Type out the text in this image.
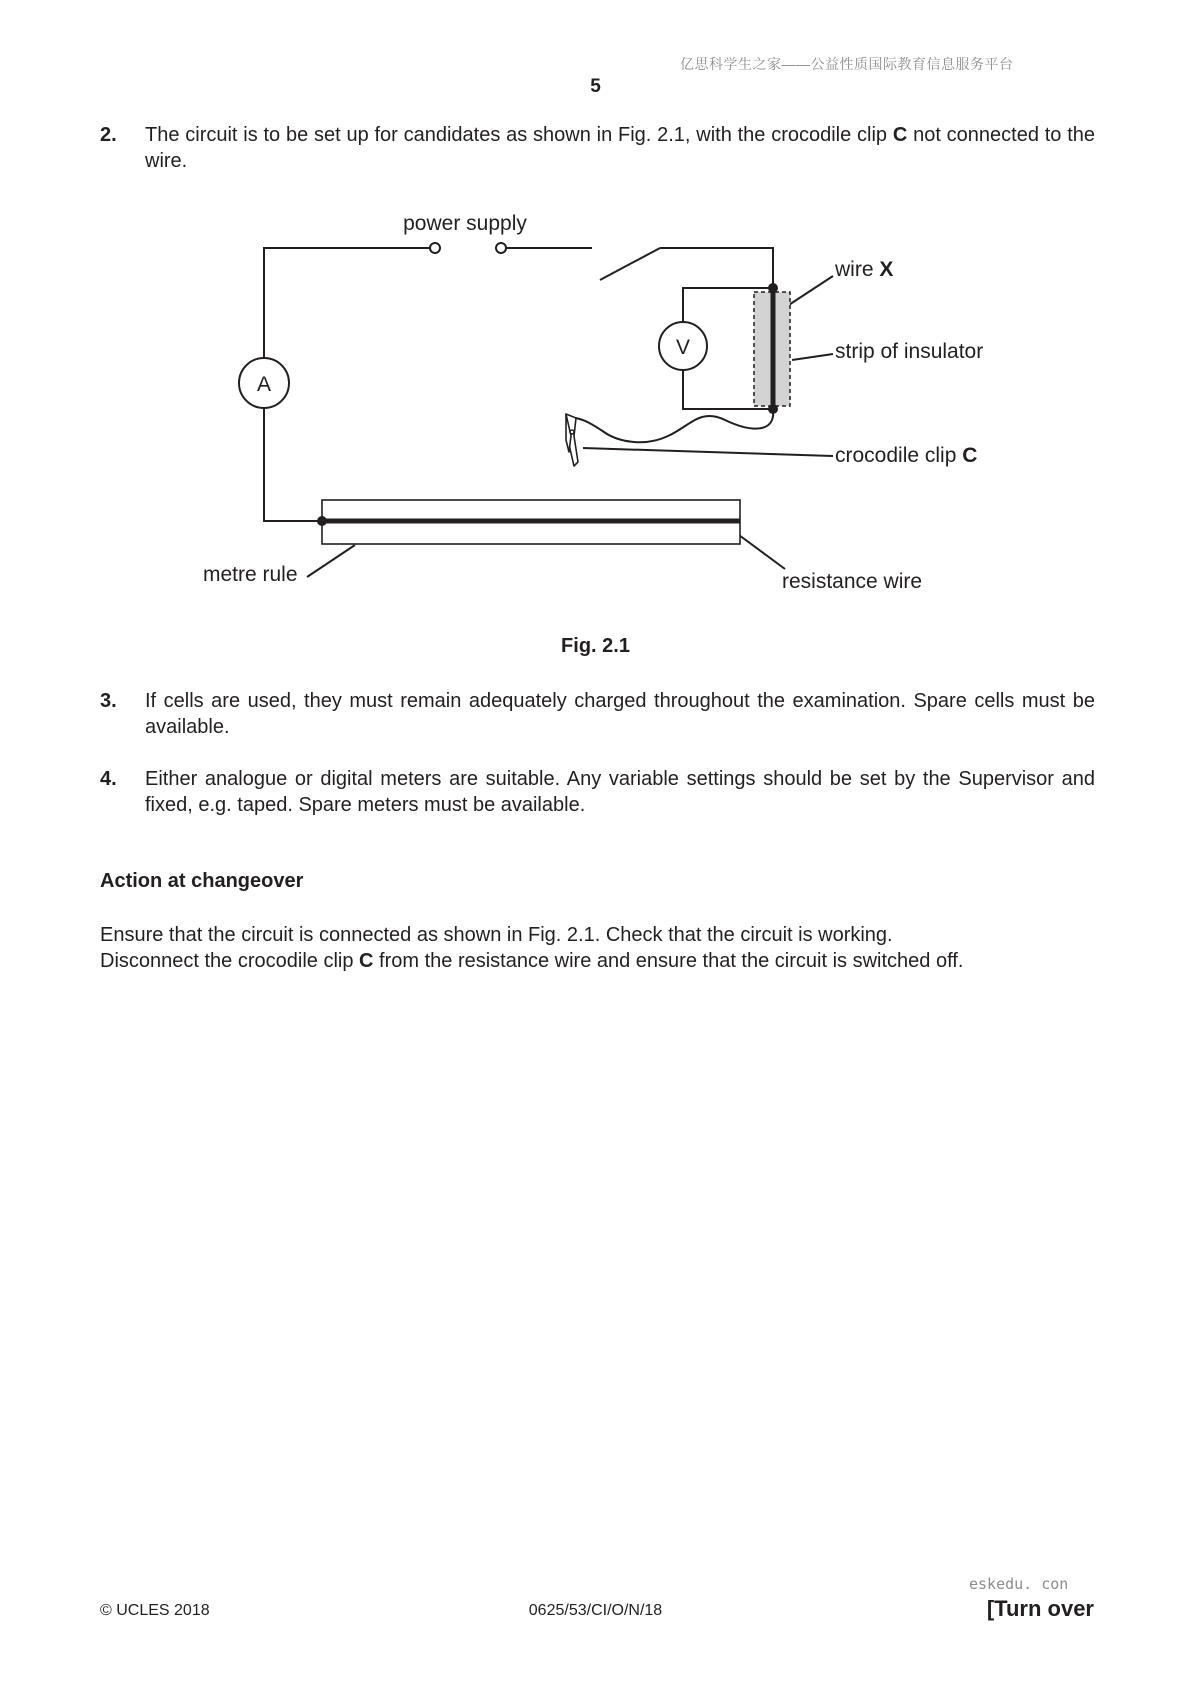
亿思科学生之家——公益性质国际教育信息服务平台
5
2. The circuit is to be set up for candidates as shown in Fig. 2.1, with the crocodile clip C not connected to the wire.
A
V
power supply
wire X
strip of insulator
crocodile clip C
metre rule	resistance wire
Fig. 2.1
3. If cells are used, they must remain adequately charged throughout the examination. Spare cells must be available.
4. Either analogue or digital meters are suitable. Any variable settings should be set by the Supervisor and fixed, e.g. taped. Spare meters must be available.
Action at changeover
Ensure that the circuit is connected as shown in Fig. 2.1. Check that the circuit is working.
Disconnect the crocodile clip C from the resistance wire and ensure that the circuit is switched off.
eskedu. con
© UCLES 2018	0625/53/CI/O/N/18	[Turn over
